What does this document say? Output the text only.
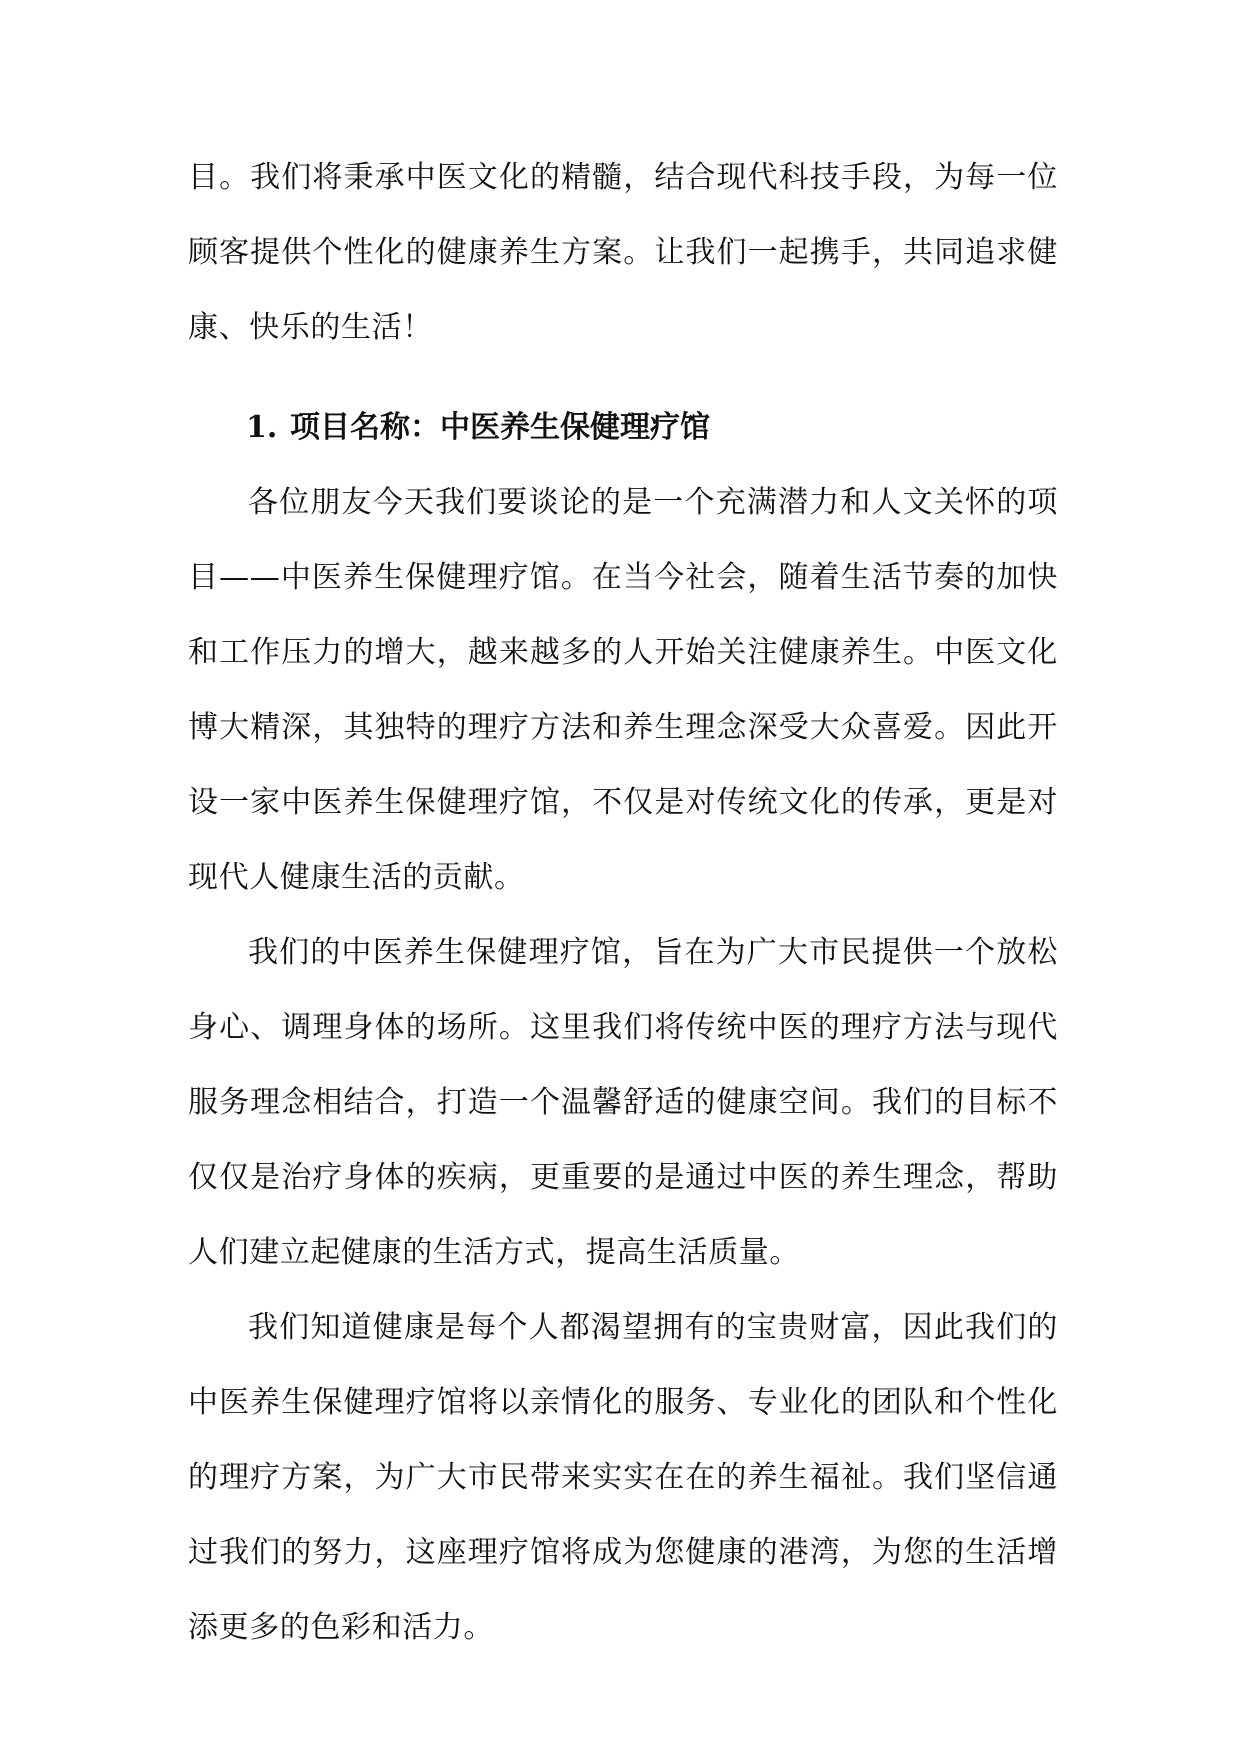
目。我们将秉承中医文化的精髓，结合现代科技手段，为每一位顾客提供个性化的健康养生方案。让我们一起携手，共同追求健康、快乐的生活！

1. 项目名称：中医养生保健理疗馆

各位朋友今天我们要谈论的是一个充满潜力和人文关怀的项目——中医养生保健理疗馆。在当今社会，随着生活节奏的加快和工作压力的增大，越来越多的人开始关注健康养生。中医文化博大精深，其独特的理疗方法和养生理念深受大众喜爱。因此开设一家中医养生保健理疗馆，不仅是对传统文化的传承，更是对现代人健康生活的贡献。

我们的中医养生保健理疗馆，旨在为广大市民提供一个放松身心、调理身体的场所。这里我们将传统中医的理疗方法与现代服务理念相结合，打造一个温馨舒适的健康空间。我们的目标不仅仅是治疗身体的疾病，更重要的是通过中医的养生理念，帮助人们建立起健康的生活方式，提高生活质量。

我们知道健康是每个人都渴望拥有的宝贵财富，因此我们的中医养生保健理疗馆将以亲情化的服务、专业化的团队和个性化的理疗方案，为广大市民带来实实在在的养生福祉。我们坚信通过我们的努力，这座理疗馆将成为您健康的港湾，为您的生活增添更多的色彩和活力。
